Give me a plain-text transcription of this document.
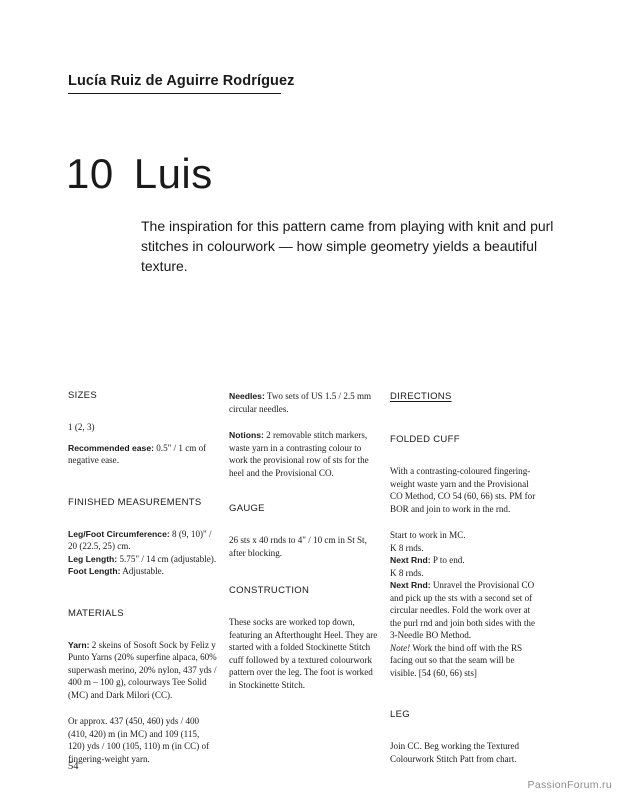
Lucía Ruiz de Aguirre Rodríguez
10 Luis
The inspiration for this pattern came from playing with knit and purl stitches in colourwork — how simple geometry yields a beautiful texture.
SIZES
1 (2, 3)
Recommended ease: 0.5" / 1 cm of negative ease.
FINISHED MEASUREMENTS
Leg/Foot Circumference: 8 (9, 10)" / 20 (22.5, 25) cm.
Leg Length: 5.75" / 14 cm (adjustable).
Foot Length: Adjustable.
MATERIALS
Yarn: 2 skeins of Sosoft Sock by Feliz y Punto Yarns (20% superfine alpaca, 60% superwash merino, 20% nylon, 437 yds / 400 m – 100 g), colourways Tee Solid (MC) and Dark Milori (CC).
Or approx. 437 (450, 460) yds / 400 (410, 420) m (in MC) and 109 (115, 120) yds / 100 (105, 110) m (in CC) of fingering-weight yarn.
Needles: Two sets of US 1.5 / 2.5 mm circular needles.
Notions: 2 removable stitch markers, waste yarn in a contrasting colour to work the provisional row of sts for the heel and the Provisional CO.
GAUGE
26 sts x 40 rnds to 4" / 10 cm in St St, after blocking.
CONSTRUCTION
These socks are worked top down, featuring an Afterthought Heel. They are started with a folded Stockinette Stitch cuff followed by a textured colourwork pattern over the leg. The foot is worked in Stockinette Stitch.
DIRECTIONS
FOLDED CUFF
With a contrasting-coloured fingering-weight waste yarn and the Provisional CO Method, CO 54 (60, 66) sts. PM for BOR and join to work in the rnd.
Start to work in MC.
K 8 rnds.
Next Rnd: P to end.
K 8 rnds.
Next Rnd: Unravel the Provisional CO and pick up the sts with a second set of circular needles. Fold the work over at the purl rnd and join both sides with the 3-Needle BO Method.
Note! Work the bind off with the RS facing out so that the seam will be visible. [54 (60, 66) sts]
LEG
Join CC. Beg working the Textured Colourwork Stitch Patt from chart.
54
PassionForum.ru
